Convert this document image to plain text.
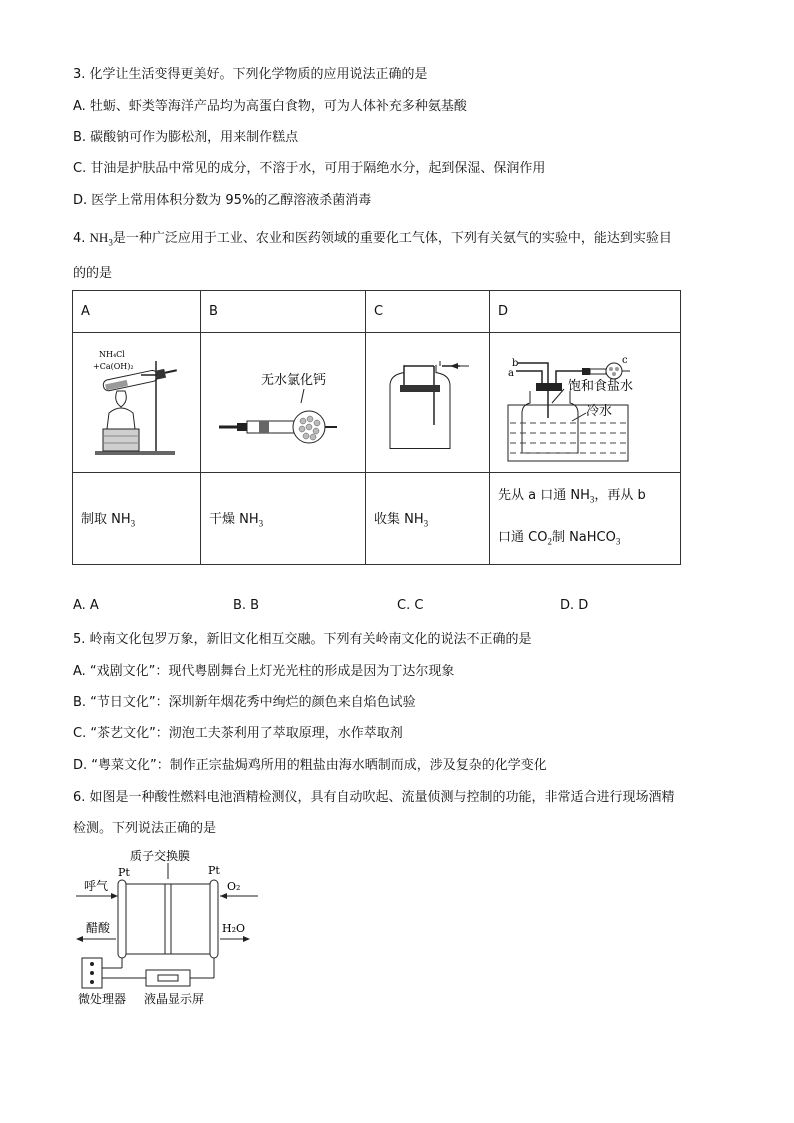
3. 化学让生活变得更美好。下列化学物质的应用说法正确的是
A. 牡蛎、虾类等海洋产品均为高蛋白食物，可为人体补充多种氨基酸
B. 碳酸钠可作为膨松剂，用来制作糕点
C. 甘油是护肤品中常见的成分，不溶于水，可用于隔绝水分，起到保湿、保润作用
D. 医学上常用体积分数为 95%的乙醇溶液杀菌消毒
4. $NH_3$是一种广泛应用于工业、农业和医药领域的重要化工气体，下列有关氨气的实验中，能达到实验目
的的是
A	B	C	D

NH₄Cl
+Ca(OH)₂	无水氯化钙		b
a
c
饱和食盐水
冷水

制取 $NH_3$	干燥 $NH_3$	收集 $NH_3$	先从 a 口通 $NH_3$，再从 b
口通 $CO_2$制 NaHCO$_3$
A. A	B. B	C. C	D. D
5. 岭南文化包罗万象，新旧文化相互交融。下列有关岭南文化的说法不正确的是
A. “戏剧文化”：现代粤剧舞台上灯光光柱的形成是因为丁达尔现象
B. “节日文化”：深圳新年烟花秀中绚烂的颜色来自焰色试验
C. “茶艺文化”：沏泡工夫茶利用了萃取原理，水作萃取剂
D. “粤菜文化”：制作正宗盐焗鸡所用的粗盐由海水晒制而成，涉及复杂的化学变化
6. 如图是一种酸性燃料电池酒精检测仪，具有自动吹起、流量侦测与控制的功能，非常适合进行现场酒精
检测。下列说法正确的是
质子交换膜
Pt	Pt
呼气
醋酸
O₂
H₂O
微处理器 液晶显示屏
